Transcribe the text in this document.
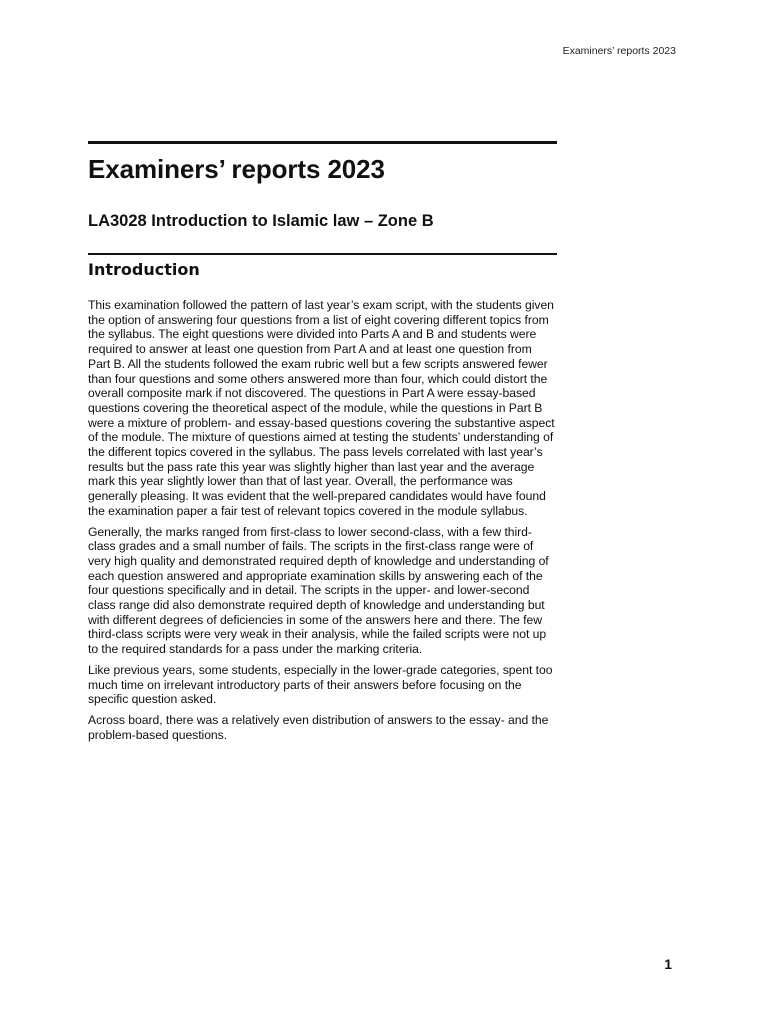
Examiners’ reports 2023
Examiners’ reports 2023
LA3028 Introduction to Islamic law – Zone B
Introduction

This examination followed the pattern of last year’s exam script, with the students given the option of answering four questions from a list of eight covering different topics from the syllabus. The eight questions were divided into Parts A and B and students were required to answer at least one question from Part A and at least one question from Part B. All the students followed the exam rubric well but a few scripts answered fewer than four questions and some others answered more than four, which could distort the overall composite mark if not discovered. The questions in Part A were essay-based questions covering the theoretical aspect of the module, while the questions in Part B were a mixture of problem- and essay-based questions covering the substantive aspect of the module. The mixture of questions aimed at testing the students’ understanding of the different topics covered in the syllabus. The pass levels correlated with last year’s results but the pass rate this year was slightly higher than last year and the average mark this year slightly lower than that of last year. Overall, the performance was generally pleasing. It was evident that the well-prepared candidates would have found the examination paper a fair test of relevant topics covered in the module syllabus.

Generally, the marks ranged from first-class to lower second-class, with a few third-class grades and a small number of fails. The scripts in the first-class range were of very high quality and demonstrated required depth of knowledge and understanding of each question answered and appropriate examination skills by answering each of the four questions specifically and in detail. The scripts in the upper- and lower-second class range did also demonstrate required depth of knowledge and understanding but with different degrees of deficiencies in some of the answers here and there. The few third-class scripts were very weak in their analysis, while the failed scripts were not up to the required standards for a pass under the marking criteria.

Like previous years, some students, especially in the lower-grade categories, spent too much time on irrelevant introductory parts of their answers before focusing on the specific question asked.

Across board, there was a relatively even distribution of answers to the essay- and the problem-based questions.

1
